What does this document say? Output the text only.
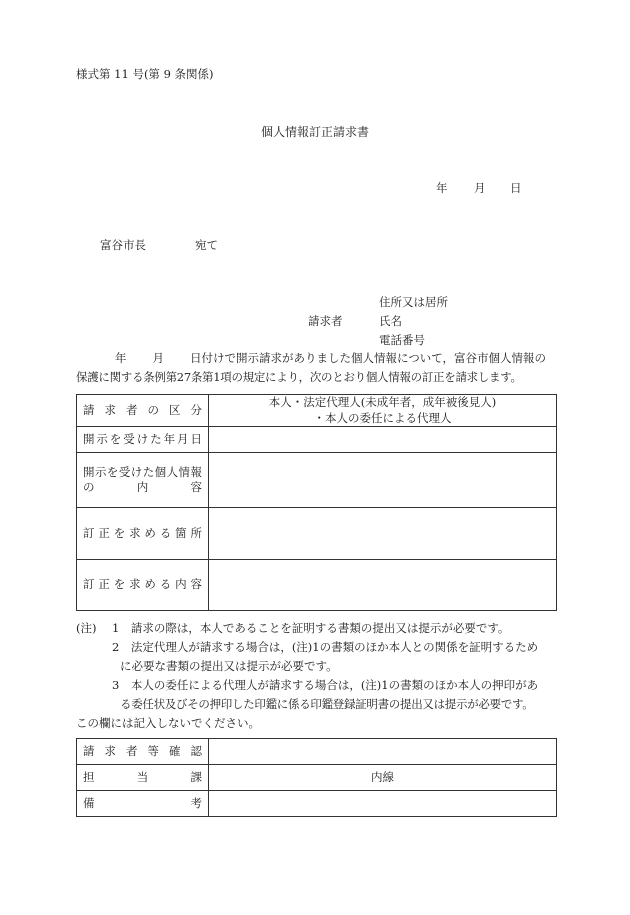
様式第 11 号(第 9 条関係)
個人情報訂正請求書
年 月 日
富谷市長	宛て
住所又は居所
請求者	氏名
電話番号
年 月 日付けで開示請求がありました個人情報について，富谷市個人情報の
保護に関する条例第27条第1項の規定により，次のとおり個人情報の訂正を請求します。
請求者の区分	本人・法定代理人(未成年者，成年被後見人)
・本人の委任による代理人

開示を受けた年月日	

開示を受けた個人情報
の内容	

訂正を求める箇所	

訂正を求める内容	

(注) 1　請求の際は，本人であることを証明する書類の提出又は提示が必要です。
2　法定代理人が請求する場合は，(注)1の書類のほか本人との関係を証明するため
に必要な書類の提出又は提示が必要です。
3　本人の委任による代理人が請求する場合は，(注)1の書類のほか本人の押印があ
る委任状及びその押印した印鑑に係る印鑑登録証明書の提出又は提示が必要です。
この欄には記入しないでください。
請求者等確認	

担当課	内線

備考	
